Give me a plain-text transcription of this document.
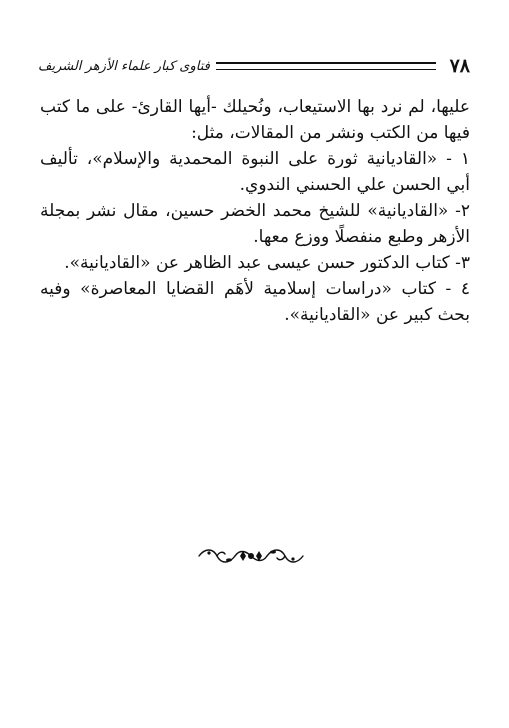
٧٨
فتاوى كبار علماء الأزهر الشريف

عليها، لم نرد بها الاستيعاب، ونُحيلك -أيها القارئ- على ما كتب فيها من الكتب ونشر من المقالات، مثل:

١ - «القاديانية ثورة على النبوة المحمدية والإسلام»، تأليف أبي الحسن علي الحسني الندوي.

٢- «القاديانية» للشيخ محمد الخضر حسين، مقال نشر بمجلة الأزهر وطبع منفصلًا ووزع معها.

٣- كتاب الدكتور حسن عيسى عبد الظاهر عن «القاديانية».

٤ - كتاب «دراسات إسلامية لأهَم القضايا المعاصرة» وفيه بحث كبير عن «القاديانية».
